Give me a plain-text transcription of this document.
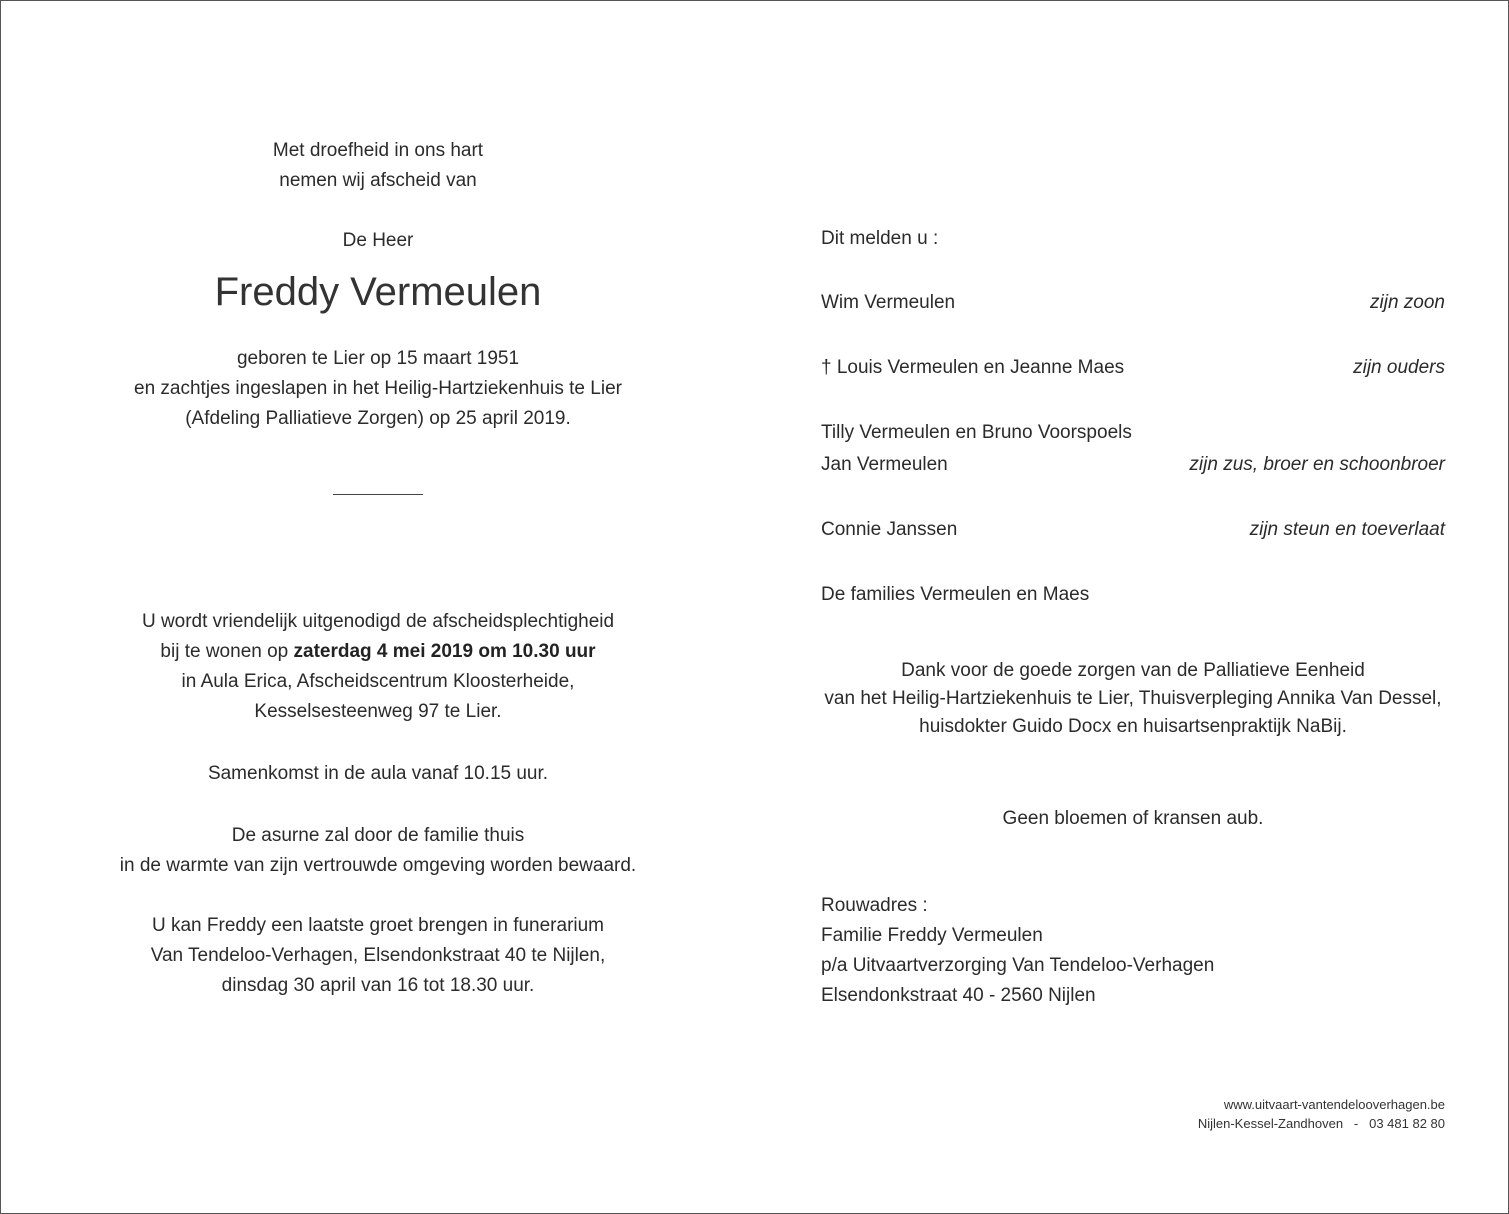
Met droefheid in ons hart
nemen wij afscheid van

De Heer

Freddy Vermeulen

geboren te Lier op 15 maart 1951
en zachtjes ingeslapen in het Heilig-Hartziekenhuis te Lier
(Afdeling Palliatieve Zorgen) op 25 april 2019.

U wordt vriendelijk uitgenodigd de afscheidsplechtigheid
bij te wonen op zaterdag 4 mei 2019 om 10.30 uur
in Aula Erica, Afscheidscentrum Kloosterheide,
Kesselsesteenweg 97 te Lier.

Samenkomst in de aula vanaf 10.15 uur.

De asurne zal door de familie thuis
in de warmte van zijn vertrouwde omgeving worden bewaard.

U kan Freddy een laatste groet brengen in funerarium
Van Tendeloo-Verhagen, Elsendonkstraat 40 te Nijlen,
dinsdag 30 april van 16 tot 18.30 uur.

Dit melden u :
Wim Vermeulen	zijn zoon
† Louis Vermeulen en Jeanne Maes	zijn ouders
Tilly Vermeulen en Bruno Voorspoels
Jan Vermeulen	zijn zus, broer en schoonbroer
Connie Janssen	zijn steun en toeverlaat
De families Vermeulen en Maes
Dank voor de goede zorgen van de Palliatieve Eenheid
van het Heilig-Hartziekenhuis te Lier, Thuisverpleging Annika Van Dessel,
huisdokter Guido Docx en huisartsenpraktijk NaBij.
Geen bloemen of kransen aub.
Rouwadres :
Familie Freddy Vermeulen
p/a Uitvaartverzorging Van Tendeloo-Verhagen
Elsendonkstraat 40 - 2560 Nijlen
www.uitvaart-vantendelooverhagen.be
Nijlen-Kessel-Zandhoven   -   03 481 82 80
